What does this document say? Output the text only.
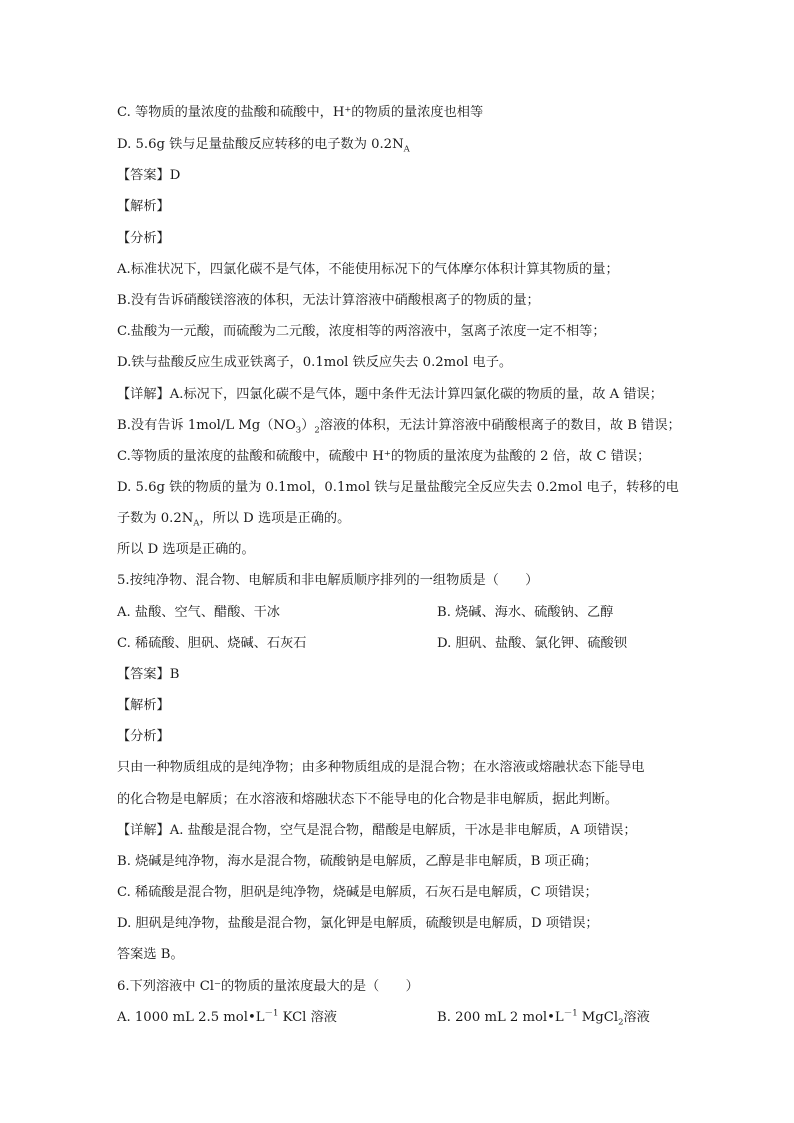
C. 等物质的量浓度的盐酸和硫酸中，H⁺的物质的量浓度也相等
D. 5.6g 铁与足量盐酸反应转移的电子数为 $0.2N_A$
【答案】D
【解析】
【分析】
A.标准状况下，四氯化碳不是气体，不能使用标况下的气体摩尔体积计算其物质的量；
B.没有告诉硝酸镁溶液的体积，无法计算溶液中硝酸根离子的物质的量；
C.盐酸为一元酸，而硫酸为二元酸，浓度相等的两溶液中，氢离子浓度一定不相等；
D.铁与盐酸反应生成亚铁离子，0.1mol 铁反应失去 0.2mol 电子。
【详解】A.标况下，四氯化碳不是气体，题中条件无法计算四氯化碳的物质的量，故 A 错误；
B.没有告诉 1mol/L $Mg(NO_3)_2$溶液的体积，无法计算溶液中硝酸根离子的数目，故 B 错误；
C.等物质的量浓度的盐酸和硫酸中，硫酸中 H⁺的物质的量浓度为盐酸的 2 倍，故 C 错误；
D. 5.6g 铁的物质的量为 0.1mol，0.1mol 铁与足量盐酸完全反应失去 0.2mol 电子，转移的电
子数为 $0.2N_A$，所以 D 选项是正确的。
所以 D 选项是正确的。
5.按纯净物、混合物、电解质和非电解质顺序排列的一组物质是（　　）
A. 盐酸、空气、醋酸、干冰	B. 烧碱、海水、硫酸钠、乙醇
C. 稀硫酸、胆矾、烧碱、石灰石	D. 胆矾、盐酸、氯化钾、硫酸钡
【答案】B
【解析】
【分析】
只由一种物质组成的是纯净物；由多种物质组成的是混合物；在水溶液或熔融状态下能导电
的化合物是电解质；在水溶液和熔融状态下不能导电的化合物是非电解质，据此判断。
【详解】A. 盐酸是混合物，空气是混合物，醋酸是电解质，干冰是非电解质，A 项错误；
B. 烧碱是纯净物，海水是混合物，硫酸钠是电解质，乙醇是非电解质，B 项正确；
C. 稀硫酸是混合物，胆矾是纯净物，烧碱是电解质，石灰石是电解质，C 项错误；
D. 胆矾是纯净物，盐酸是混合物，氯化钾是电解质，硫酸钡是电解质，D 项错误；
答案选 B。
6.下列溶液中 Cl⁻的物质的量浓度最大的是（　　）
A. 1000 mL 2.5 $mol•L^{-1}$ KCl 溶液	B. 200 mL 2 $mol•L^{-1}$ MgCl$_2$溶液
